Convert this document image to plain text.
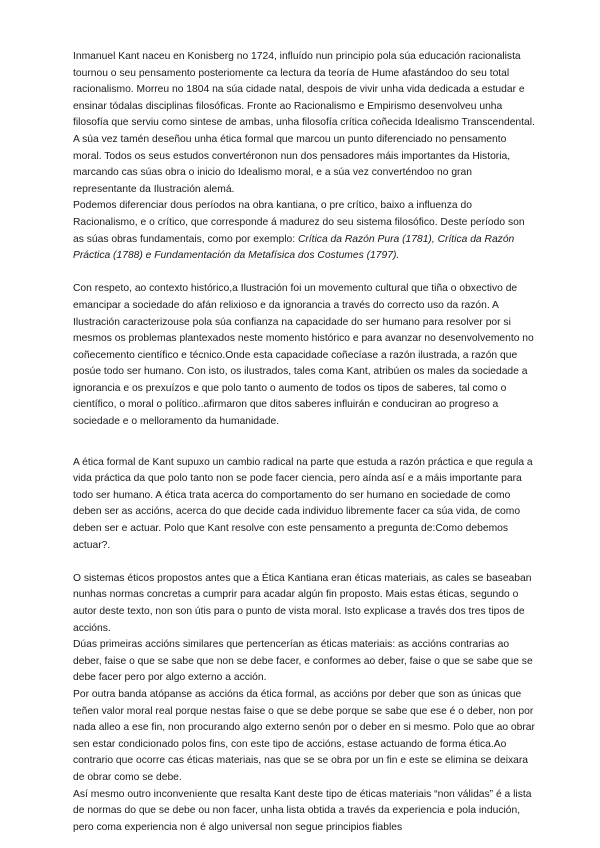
Inmanuel Kant naceu en Konisberg no 1724, influído nun principio pola súa educación racionalista tournou o seu pensamento posteriomente ca lectura da teoría de Hume afastándoo do seu total racionalismo. Morreu no 1804 na súa cidade natal, despois de vivir unha vida dedicada a estudar e ensinar tódalas disciplinas filosóficas. Fronte ao Racionalismo e Empirismo desenvolveu unha filosofía que serviu como sintese de ambas, unha filosofía crítica coñecida Idealismo Transcendental. A súa vez tamén deseñou unha ética formal que marcou un punto diferenciado no pensamento moral. Todos os seus estudos convertéronon nun dos pensadores máis importantes da Historia, marcando cas súas obra o inicio do Idealismo moral, e a súa vez converténdoo no gran representante da Ilustración alemá.

Podemos diferenciar dous períodos na obra kantiana, o pre crítico, baixo a influenza do Racionalismo, e o crítico, que corresponde á madurez do seu sistema filosófico. Deste período son as súas obras fundamentais, como por exemplo: Crítica da Razón Pura (1781), Crítica da Razón Práctica (1788) e Fundamentación da Metafísica dos Costumes (1797).

Con respeto, ao contexto histórico,a Ilustración foi un movemento cultural que tiña o obxectivo de emancipar a sociedade do afán relixioso e da ignorancia a través do correcto uso da razón. A Ilustración caracterizouse pola súa confianza na capacidade do ser humano para resolver por si mesmos os problemas plantexados neste momento histórico e para avanzar no desenvolvemento no coñecemento científico e técnico.Onde esta capacidade coñecíase a razón ilustrada, a razón que posúe todo ser humano. Con isto, os ilustrados, tales coma Kant, atribúen os males da sociedade a ignorancia e os prexuízos e que polo tanto o aumento de todos os tipos de saberes, tal como o científico, o moral o político..afirmaron que ditos saberes influirán e conduciran ao progreso a sociedade e o melloramento da humanidade.

A ética formal de Kant supuxo un cambio radical na parte que estuda a razón práctica e que regula a vida práctica da que polo tanto non se pode facer ciencia, pero aínda así e a máis importante para todo ser humano. A ética trata acerca do comportamento do ser humano en sociedade de como deben ser as accións, acerca do que decide cada individuo libremente facer ca súa vida, de como deben ser e actuar. Polo que Kant resolve con este pensamento a pregunta de:Como debemos actuar?.

O sistemas éticos propostos antes que a Ética Kantiana eran éticas materiais, as cales se baseaban nunhas normas concretas a cumprir para acadar algún fin proposto. Mais estas éticas, segundo o autor deste texto, non son útis para o punto de vista moral. Isto explicase a través dos tres tipos de accións.

Dúas primeiras accións similares que pertencerían as éticas materiais: as accións contrarias ao deber, faise o que se sabe que non se debe facer, e conformes ao deber, faise o que se sabe que se debe facer pero por algo externo a acción.

Por outra banda atópanse as accións da ética formal, as accións por deber que son as únicas que teñen valor moral real porque nestas faise o que se debe porque se sabe que ese é o deber, non por nada alleo a ese fin, non procurando algo externo senón por o deber en si mesmo. Polo que ao obrar sen estar condicionado polos fins, con este tipo de accións, estase actuando de forma ética.Ao contrario que ocorre cas éticas materiais, nas que se se obra por un fin e este se elimina se deixara de obrar como se debe.

Así mesmo outro inconveniente que resalta Kant deste tipo de éticas materiais “non válidas” é a lista de normas do que se debe ou non facer, unha lista obtida a través da experiencia e pola indución, pero coma experiencia non é algo universal non segue principios fiables
